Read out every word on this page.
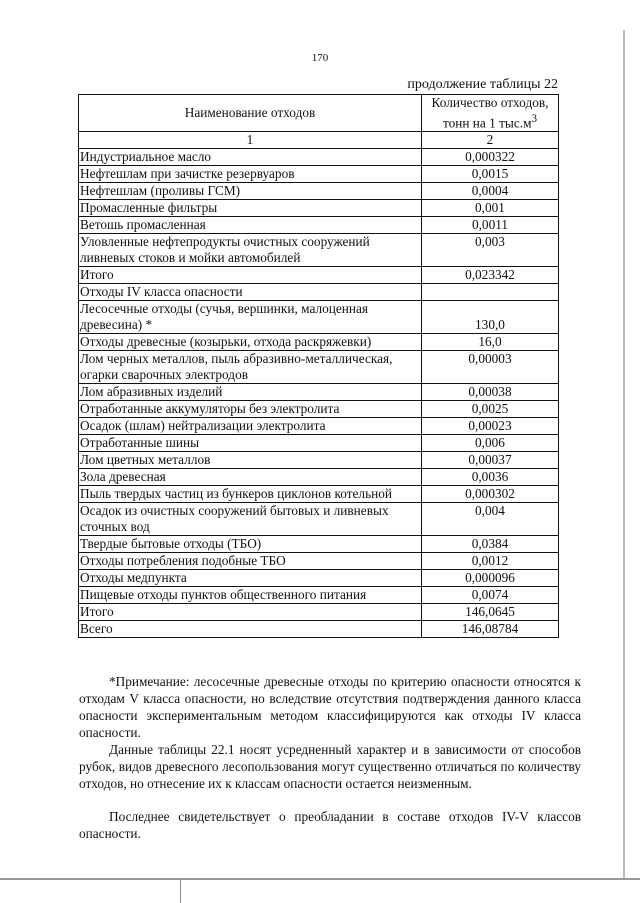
170
продолжение таблицы 22
Наименование отходов	Количество отходов,
тонн на 1 $тыс.м^3$
1	2
Индустриальное масло	0,000322
Нефтешлам при зачистке резервуаров	0,0015
Нефтешлам (проливы ГСМ)	0,0004
Промасленные фильтры	0,001
Ветошь промасленная	0,0011
Уловленные нефтепродукты очистных сооружений ливневых стоков и мойки автомобилей	0,003
Итого	0,023342
Отходы IV класса опасности	
Лесосечные отходы (сучья, вершинки, малоценная древесина) *	130,0
Отходы древесные (козырьки, отхода раскряжевки)	16,0
Лом черных металлов, пыль абразивно-металлическая, огарки сварочных электродов	0,00003
Лом абразивных изделий	0,00038
Отработанные аккумуляторы без электролита	0,0025
Осадок (шлам) нейтрализации электролита	0,00023
Отработанные шины	0,006
Лом цветных металлов	0,00037
Зола древесная	0,0036
Пыль твердых частиц из бункеров циклонов котельной	0,000302
Осадок из очистных сооружений бытовых и ливневых сточных вод	0,004
Твердые бытовые отходы (ТБО)	0,0384
Отходы потребления подобные ТБО	0,0012
Отходы медпункта	0,000096
Пищевые отходы пунктов общественного питания	0,0074
Итого	146,0645
Всего	146,08784

*Примечание: лесосечные древесные отходы по критерию опасности относятся к отходам V класса опасности, но вследствие отсутствия подтверждения данного класса опасности экспериментальным методом классифицируются как отходы IV класса опасности.

Данные таблицы 22.1 носят усредненный характер и в зависимости от способов рубок, видов древесного лесопользования могут существенно отличаться по количеству отходов, но отнесение их к классам опасности остается неизменным.

Последнее свидетельствует о преобладании в составе отходов IV-V классов опасности.
